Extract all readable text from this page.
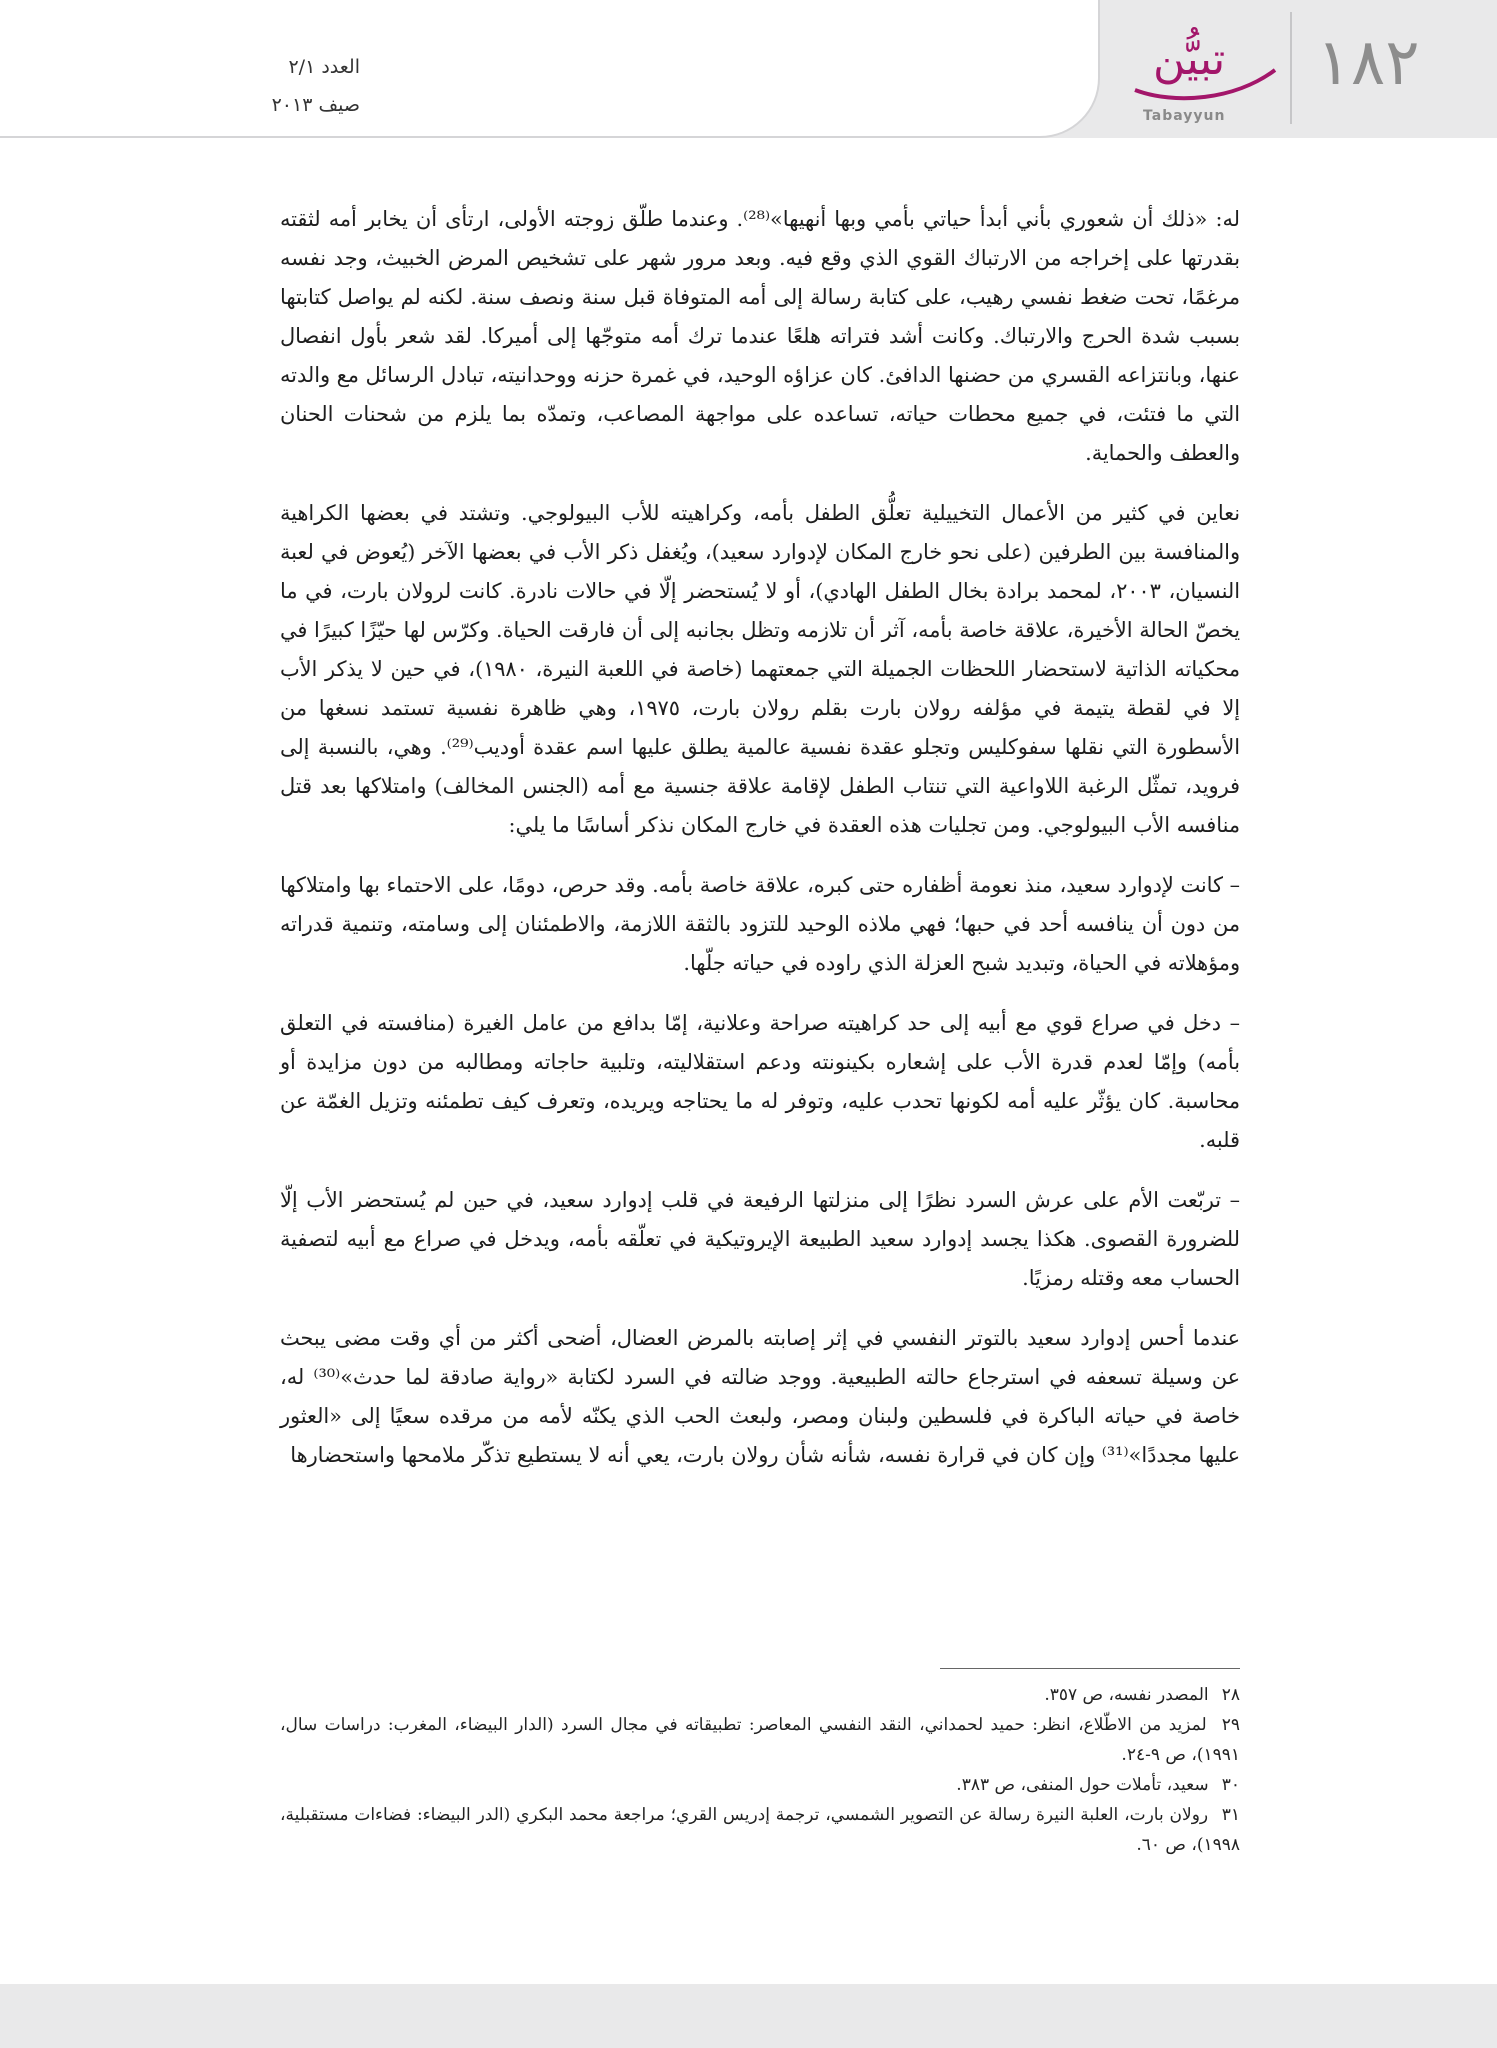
العدد ٢/١
صيف ٢٠١٣
تبيُّن
Tabayyun
١٨٢

له: «ذلك أن شعوري بأني أبدأ حياتي بأمي وبها أنهيها»⁽²⁸⁾. وعندما طلّق زوجته الأولى، ارتأى أن يخابر أمه لثقته بقدرتها على إخراجه من الارتباك القوي الذي وقع فيه. وبعد مرور شهر على تشخيص المرض الخبيث، وجد نفسه مرغمًا، تحت ضغط نفسي رهيب، على كتابة رسالة إلى أمه المتوفاة قبل سنة ونصف سنة. لكنه لم يواصل كتابتها بسبب شدة الحرج والارتباك. وكانت أشد فتراته هلعًا عندما ترك أمه متوجّها إلى أميركا. لقد شعر بأول انفصال عنها، وبانتزاعه القسري من حضنها الدافئ. كان عزاؤه الوحيد، في غمرة حزنه ووحدانيته، تبادل الرسائل مع والدته التي ما فتئت، في جميع محطات حياته، تساعده على مواجهة المصاعب، وتمدّه بما يلزم من شحنات الحنان والعطف والحماية.

نعاين في كثير من الأعمال التخييلية تعلُّق الطفل بأمه، وكراهيته للأب البيولوجي. وتشتد في بعضها الكراهية والمنافسة بين الطرفين (على نحو خارج المكان لإدوارد سعيد)، ويُغفل ذكر الأب في بعضها الآخر (يُعوض في لعبة النسيان، ٢٠٠٣، لمحمد برادة بخال الطفل الهادي)، أو لا يُستحضر إلّا في حالات نادرة. كانت لرولان بارت، في ما يخصّ الحالة الأخيرة، علاقة خاصة بأمه، آثر أن تلازمه وتظل بجانبه إلى أن فارقت الحياة. وكرّس لها حيّزًا كبيرًا في محكياته الذاتية لاستحضار اللحظات الجميلة التي جمعتهما (خاصة في اللعبة النيرة، ١٩٨٠)، في حين لا يذكر الأب إلا في لقطة يتيمة في مؤلفه رولان بارت بقلم رولان بارت، ١٩٧٥، وهي ظاهرة نفسية تستمد نسغها من الأسطورة التي نقلها سفوكليس وتجلو عقدة نفسية عالمية يطلق عليها اسم عقدة أوديب⁽²⁹⁾. وهي، بالنسبة إلى فرويد، تمثّل الرغبة اللاواعية التي تنتاب الطفل لإقامة علاقة جنسية مع أمه (الجنس المخالف) وامتلاكها بعد قتل منافسه الأب البيولوجي. ومن تجليات هذه العقدة في خارج المكان نذكر أساسًا ما يلي:

– كانت لإدوارد سعيد، منذ نعومة أظفاره حتى كبره، علاقة خاصة بأمه. وقد حرص، دومًا، على الاحتماء بها وامتلاكها من دون أن ينافسه أحد في حبها؛ فهي ملاذه الوحيد للتزود بالثقة اللازمة، والاطمئنان إلى وسامته، وتنمية قدراته ومؤهلاته في الحياة، وتبديد شبح العزلة الذي راوده في حياته جلّها.

– دخل في صراع قوي مع أبيه إلى حد كراهيته صراحة وعلانية، إمّا بدافع من عامل الغيرة (منافسته في التعلق بأمه) وإمّا لعدم قدرة الأب على إشعاره بكينونته ودعم استقلاليته، وتلبية حاجاته ومطالبه من دون مزايدة أو محاسبة. كان يؤثّر عليه أمه لكونها تحدب عليه، وتوفر له ما يحتاجه ويريده، وتعرف كيف تطمئنه وتزيل الغمّة عن قلبه.

– تربّعت الأم على عرش السرد نظرًا إلى منزلتها الرفيعة في قلب إدوارد سعيد، في حين لم يُستحضر الأب إلّا للضرورة القصوى. هكذا يجسد إدوارد سعيد الطبيعة الإيروتيكية في تعلّقه بأمه، ويدخل في صراع مع أبيه لتصفية الحساب معه وقتله رمزيًا.

عندما أحس إدوارد سعيد بالتوتر النفسي في إثر إصابته بالمرض العضال، أضحى أكثر من أي وقت مضى يبحث عن وسيلة تسعفه في استرجاع حالته الطبيعية. ووجد ضالته في السرد لكتابة «رواية صادقة لما حدث»⁽³⁰⁾ له، خاصة في حياته الباكرة في فلسطين ولبنان ومصر، ولبعث الحب الذي يكنّه لأمه من مرقده سعيًا إلى «العثور عليها مجددًا»⁽³¹⁾ وإن كان في قرارة نفسه، شأنه شأن رولان بارت، يعي أنه لا يستطيع تذكّر ملامحها واستحضارها

٢٨ المصدر نفسه، ص ٣٥٧.

٢٩ لمزيد من الاطّلاع، انظر: حميد لحمداني، النقد النفسي المعاصر: تطبيقاته في مجال السرد (الدار البيضاء، المغرب: دراسات سال، ١٩٩١)، ص ٩-٢٤.

٣٠ سعيد، تأملات حول المنفى، ص ٣٨٣.

٣١ رولان بارت، العلبة النيرة رسالة عن التصوير الشمسي، ترجمة إدريس القري؛ مراجعة محمد البكري (الدر البيضاء: فضاءات مستقبلية، ١٩٩٨)، ص ٦٠.
